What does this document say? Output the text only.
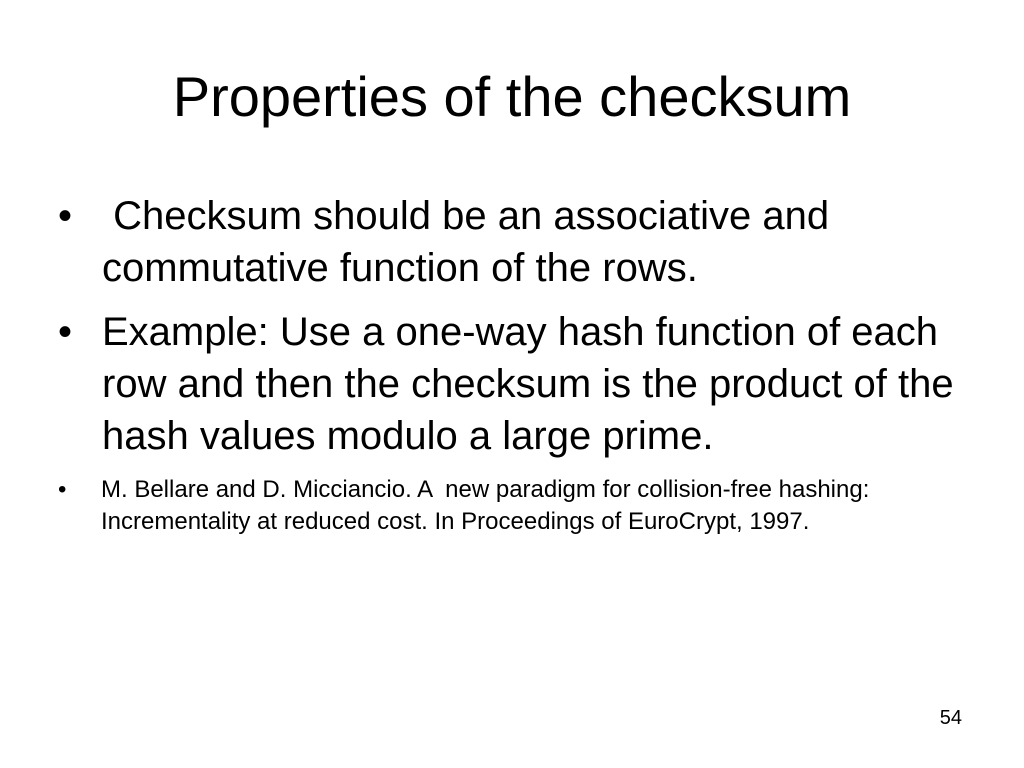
Properties of the checksum
• Checksum should be an associative and commutative function of the rows.
• Example: Use a one-way hash function of each row and then the checksum is the product of the hash values modulo a large prime.
• M. Bellare and D. Micciancio. A  new paradigm for collision-free hashing: Incrementality at reduced cost. In Proceedings of EuroCrypt, 1997.
54
